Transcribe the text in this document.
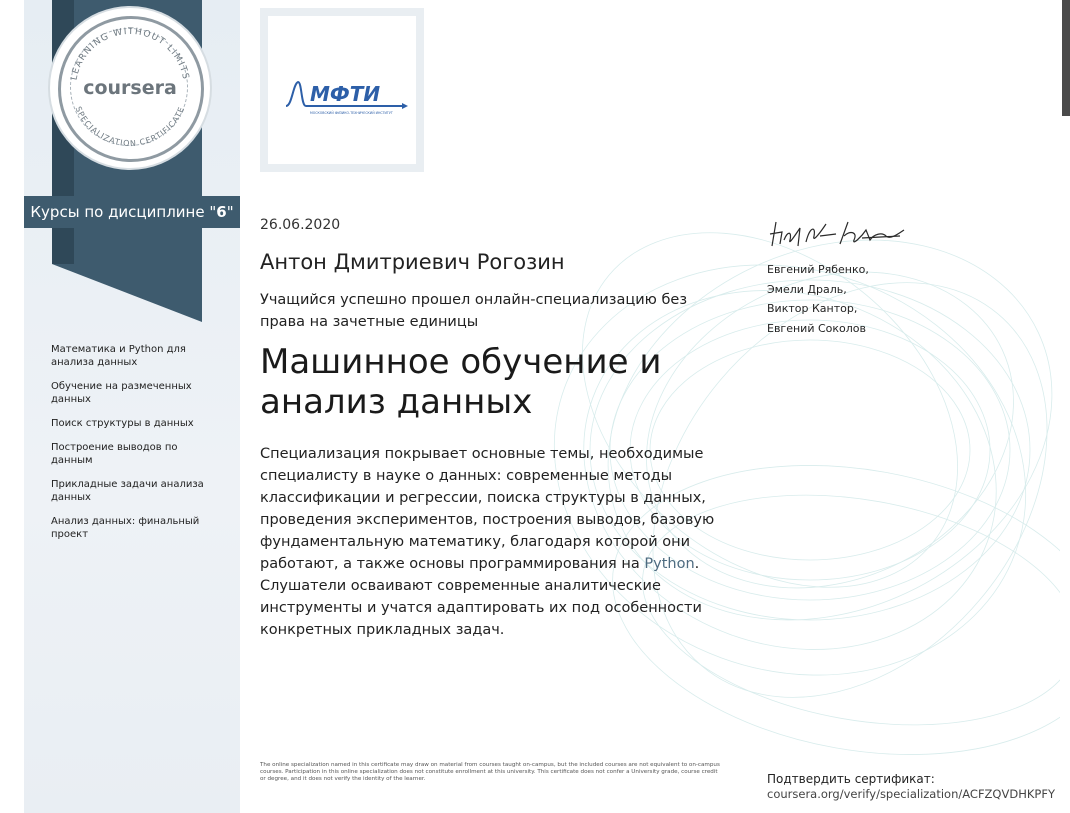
LEARNING WITHOUT LIMITS
SPECIALIZATION CERTIFICATE
coursera
Курсы по дисциплине "6"
Математика и Python для анализа данных
Обучение на размеченных данных
Поиск структуры в данных
Построение выводов по данным
Прикладные задачи анализа данных
Анализ данных: финальный проект
МФТИ
МОСКОВСКИЙ ФИЗИКО-ТЕХНИЧЕСКИЙ ИНСТИТУТ
26.06.2020
Антон Дмитриевич Рогозин
Учащийся успешно прошел онлайн-специализацию без права на зачетные единицы
Машинное обучение и анализ данных
Специализация покрывает основные темы, необходимые специалисту в науке о данных: современные методы классификации и регрессии, поиска структуры в данных, проведения экспериментов, построения выводов, базовую фундаментальную математику, благодаря которой они работают, а также основы программирования на Python. Слушатели осваивают современные аналитические инструменты и учатся адаптировать их под особенности конкретных прикладных задач.
Евгений Рябенко,
Эмели Драль,
Виктор Кантор,
Евгений Соколов
The online specialization named in this certificate may draw on material from courses taught on-campus, but the included courses are not equivalent to on-campus courses. Participation in this online specialization does not constitute enrollment at this university. This certificate does not confer a University grade, course credit or degree, and it does not verify the identity of the learner.	Подтвердить сертификат:
coursera.org/verify/specialization/ACFZQVDHKPFY
